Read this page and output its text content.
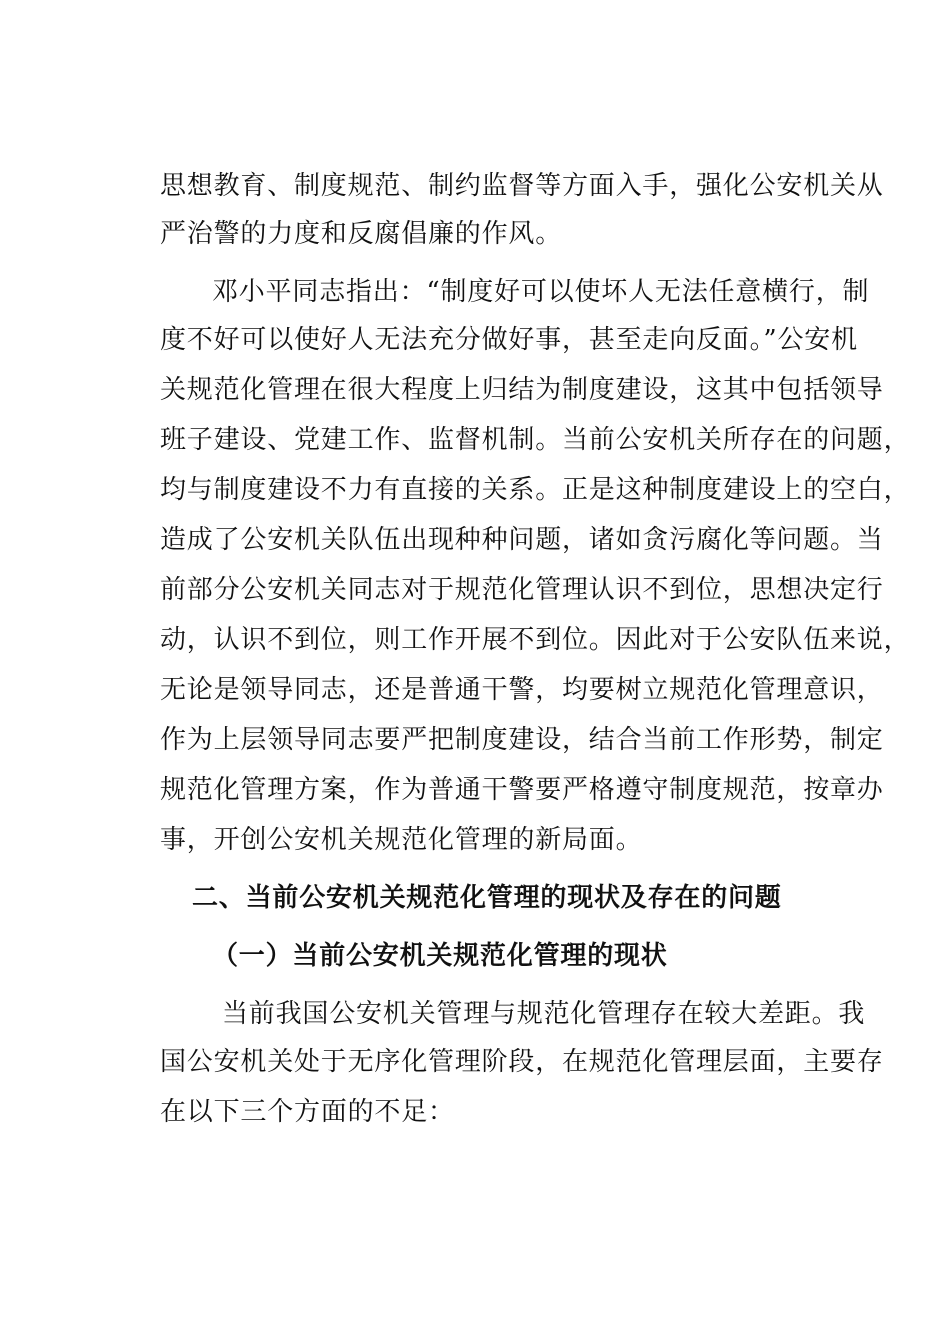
思想教育、制度规范、制约监督等方面入手，强化公安机关从
严治警的力度和反腐倡廉的作风。
邓小平同志指出：“制度好可以使坏人无法任意横行，制
度不好可以使好人无法充分做好事，甚至走向反面。”公安机
关规范化管理在很大程度上归结为制度建设，这其中包括领导
班子建设、党建工作、监督机制。当前公安机关所存在的问题，
均与制度建设不力有直接的关系。正是这种制度建设上的空白，
造成了公安机关队伍出现种种问题，诸如贪污腐化等问题。当
前部分公安机关同志对于规范化管理认识不到位，思想决定行
动，认识不到位，则工作开展不到位。因此对于公安队伍来说，
无论是领导同志，还是普通干警，均要树立规范化管理意识，
作为上层领导同志要严把制度建设，结合当前工作形势，制定
规范化管理方案，作为普通干警要严格遵守制度规范，按章办
事，开创公安机关规范化管理的新局面。
二、当前公安机关规范化管理的现状及存在的问题
（一）当前公安机关规范化管理的现状
当前我国公安机关管理与规范化管理存在较大差距。我
国公安机关处于无序化管理阶段，在规范化管理层面，主要存
在以下三个方面的不足：
